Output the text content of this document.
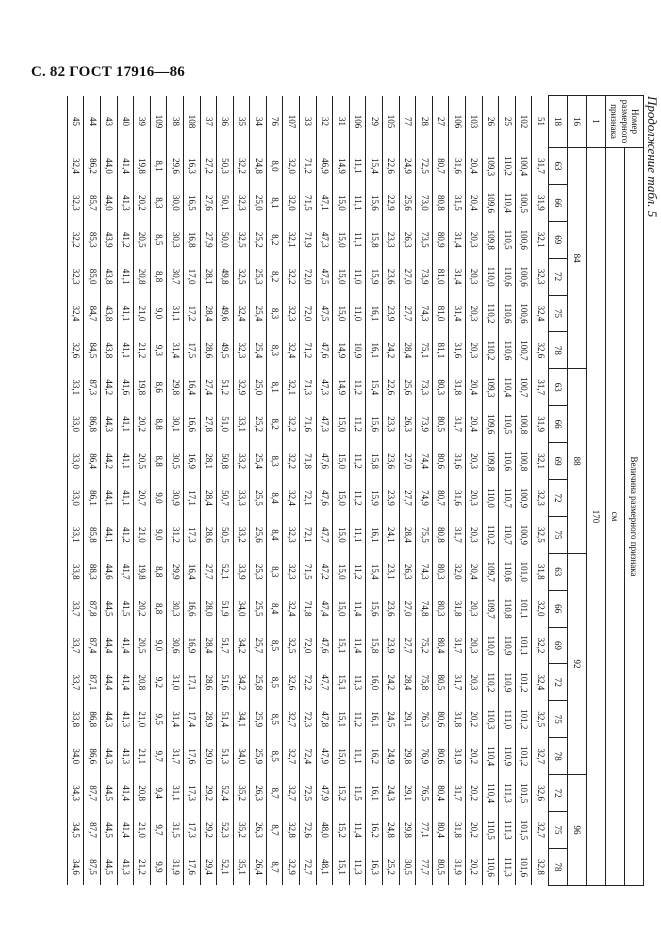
С. 82 ГОСТ 17916—86
Продолжение табл. 5
Номер размерного признака	Величина размерного признака																			
	см																			
1	170																			
16	84						88					92						96		
18	63	66	69	72	75	78	63	66	69	72	75	63	66	69	72	75	78	72	75	78
51	31,7	31,9	32,1	32,3	32,4	32,6	31,7	31,9	32,1	32,3	32,5	31,8	32,0	32,2	32,4	32,5	32,7	32,6	32,7	32,8
102	100,4	100,5	100,6	100,6	100,6	100,7	100,7	100,8	100,8	100,9	100,9	101,0	101,1	101,1	101,2	101,2	101,2	101,5	101,5	101,6
25	110,2	110,4	110,5	110,6	110,6	110,6	110,4	110,5	110,6	110,7	110,7	110,6	110,8	110,9	110,9	111,0	110,9	111,3	111,3	111,3
26	109,3	109,6	109,8	110,0	110,2	110,2	109,3	109,6	109,8	110,0	110,2	109,7	109,7	110,0	110,2	110,3	110,4	110,4	110,5	110,6
103	20,4	20,4	20,3	20,3	20,3	20,3	20,4	20,4	20,3	20,3	20,3	20,4	20,3	20,3	20,3	20,2	20,2	20,2	20,2	20,2
106	31,6	31,5	31,4	31,4	31,4	31,6	31,8	31,7	31,6	31,6	31,7	32,0	31,8	31,7	31,7	31,8	31,9	31,7	31,8	31,9
27	80,7	80,8	80,9	81,0	81,0	81,1	80,3	80,5	80,6	80,7	80,8	80,3	80,3	80,4	80,5	80,6	80,6	80,4	80,4	80,5
28	72,5	73,0	73,5	73,9	74,3	75,1	73,3	73,9	74,4	74,9	75,5	74,3	74,8	75,2	75,8	76,3	76,9	76,5	77,1	77,7
77	24,9	25,6	26,3	27,0	27,7	28,4	25,6	26,3	27,0	27,7	28,4	26,3	27,0	27,7	28,4	29,1	29,8	29,1	29,8	30,5
105	22,6	22,9	23,3	23,6	23,9	24,2	22,6	23,3	23,6	23,9	24,1	23,1	23,6	23,9	24,2	24,5	24,9	24,3	24,8	25,2
29	15,4	15,6	15,8	15,9	16,1	16,1	15,4	15,6	15,8	15,9	16,1	15,4	15,6	15,8	16,0	16,1	16,2	16,1	16,2	16,3
106	11,1	11,1	11,1	11,0	11,0	10,9	11,2	11,2	11,2	11,2	11,1	11,2	11,4	11,4	11,3	11,2	11,1	11,5	11,4	11,3
31	14,9	15,0	15,0	15,0	15,0	14,9	14,9	15,0	15,0	15,0	15,0	15,0	15,0	15,1	15,1	15,1	15,0	15,2	15,2	15,1
32	46,9	47,1	47,3	47,5	47,5	47,6	47,3	47,3	47,6	47,6	47,7	47,2	47,4	47,6	47,7	47,8	47,9	47,9	48,0	48,1
33	71,2	71,5	71,9	72,0	72,0	71,2	71,3	71,6	71,8	72,1	72,1	71,5	71,8	72,0	72,2	72,3	72,4	72,5	72,6	72,7
107	32,0	32,0	32,1	32,2	32,3	32,4	32,1	32,2	32,2	32,4	32,3	32,3	32,4	32,5	32,6	32,7	32,7	32,7	32,8	32,9
76	8,0	8,1	8,2	8,2	8,3	8,3	8,1	8,2	8,3	8,4	8,4	8,3	8,4	8,5	8,5	8,5	8,5	8,7	8,7	8,7
34	24,8	25,0	25,2	25,3	25,4	25,4	25,0	25,2	25,4	25,5	25,6	25,3	25,5	25,7	25,8	25,9	25,9	26,3	26,3	26,4
35	32,2	32,3	32,5	32,5	32,4	32,3	32,9	33,1	33,2	33,3	33,2	33,9	34,0	34,2	34,2	34,1	34,0	35,2	35,2	35,1
36	50,3	50,1	50,0	49,8	49,6	49,5	51,2	51,0	50,8	50,7	50,5	52,1	51,9	51,7	51,6	51,4	51,3	52,4	52,3	52,1
37	27,2	27,6	27,9	28,1	28,4	28,6	27,4	27,8	28,1	28,4	28,6	27,7	28,0	28,4	28,6	28,9	29,0	29,2	29,2	29,4
108	16,3	16,5	16,8	17,0	17,2	17,5	16,4	16,6	16,9	17,1	17,3	16,4	16,6	16,9	17,1	17,4	17,6	17,3	17,3	17,6
38	29,6	30,0	30,3	30,7	31,1	31,4	29,8	30,1	30,5	30,9	31,2	29,9	30,3	30,6	31,0	31,4	31,7	31,1	31,5	31,9
109	8,1	8,3	8,5	8,8	9,0	9,3	8,6	8,8	8,8	9,0	9,0	8,8	8,8	9,0	9,2	9,5	9,7	9,4	9,7	9,9
39	19,8	20,2	20,5	20,8	21,0	21,2	19,8	20,2	20,5	20,7	21,0	19,8	20,2	20,5	20,8	21,0	21,1	20,8	21,0	21,2
40	41,4	41,3	41,2	41,1	41,1	41,1	41,6	41,1	41,1	41,1	41,2	41,7	41,5	41,4	41,4	41,3	41,3	41,4	41,4	41,3
43	44,0	44,0	43,9	43,8	43,8	43,8	44,2	44,3	44,2	44,1	44,1	44,6	44,5	44,4	44,4	44,3	44,3	44,5	44,5	44,5
44	86,2	85,7	85,3	85,0	84,7	84,5	87,3	86,8	86,4	86,1	85,8	88,3	87,8	87,4	87,1	86,8	86,6	87,7	87,7	87,5
45	32,4	32,3	32,2	32,3	32,4	32,6	33,1	33,0	33,0	33,0	33,1	33,8	33,7	33,7	33,7	33,8	34,0	34,3	34,5	34,6
